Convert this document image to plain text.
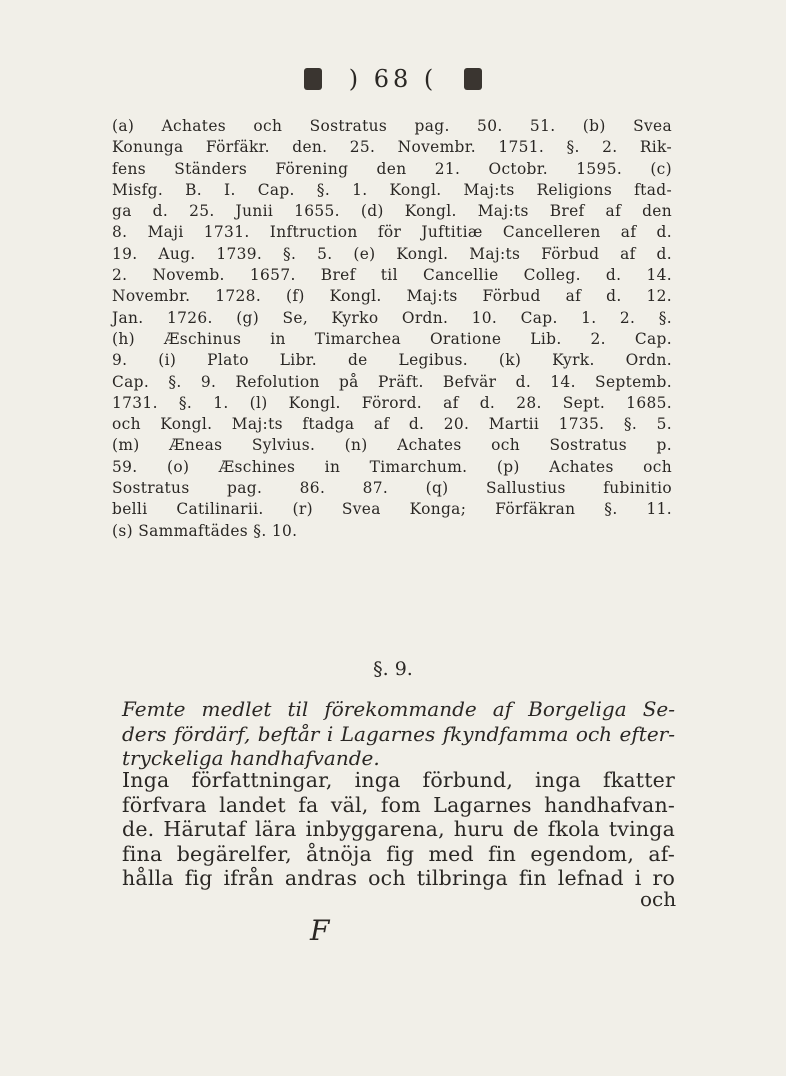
) 68 (

(a) Achates och Sostratus pag. 50. 51. (b) Svea

Konunga Förfäkr. den. 25. Novembr. 1751. §. 2. Rik-

fens Ständers Förening den 21. Octobr. 1595. (c)

Misfg. B. I. Cap. §. 1. Kongl. Maj:ts Religions ftad-

ga d. 25. Junii 1655. (d) Kongl. Maj:ts Bref af den

8. Maji 1731. Inftruction för Juftitiæ Cancelleren af d.

19. Aug. 1739. §. 5. (e) Kongl. Maj:ts Förbud af d.

2. Novemb. 1657. Bref til Cancellie Colleg. d. 14.

Novembr. 1728. (f) Kongl. Maj:ts Förbud af d. 12.

Jan. 1726. (g) Se, Kyrko Ordn. 10. Cap. 1. 2. §.

(h) Æschinus in Timarchea Oratione Lib. 2. Cap.

9. (i) Plato Libr. de Legibus. (k) Kyrk. Ordn.

Cap. §. 9. Refolution på Präft. Befvär d. 14. Septemb.

1731. §. 1. (l) Kongl. Förord. af d. 28. Sept. 1685.

och Kongl. Maj:ts ftadga af d. 20. Martii 1735. §. 5.

(m) Æneas Sylvius. (n) Achates och Sostratus p.

59. (o) Æschines in Timarchum. (p) Achates och

Sostratus pag. 86. 87. (q) Sallustius fubinitio

belli Catilinarii. (r) Svea Konga; Förfäkran §. 11.

(s) Sammaftädes §. 10.

§. 9.

Femte medlet til förekommande af Borgeliga Se-

ders fördärf, beftår i Lagarnes fkyndfamma och efter-

tryckeliga handhafvande.

Inga författningar, inga förbund, inga fkatter

förfvara landet fa väl, fom Lagarnes handhafvan-

de. Härutaf lära inbyggarena, huru de fkola tvinga

fina begärelfer, åtnöja fig med fin egendom, af-

hålla fig ifrån andras och tilbringa fin lefnad i ro

och
F
